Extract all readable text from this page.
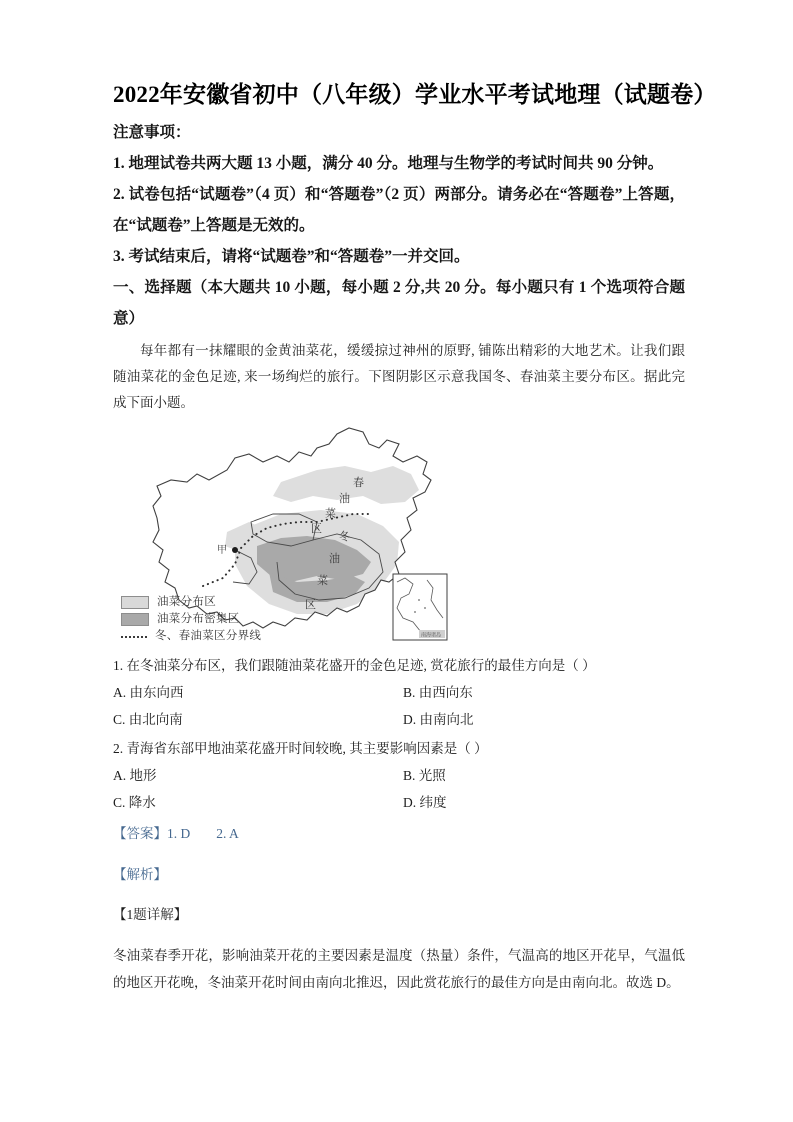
2022年安徽省初中（八年级）学业水平考试地理（试题卷）

注意事项：

1. 地理试卷共两大题 13 小题，满分 40 分。地理与生物学的考试时间共 90 分钟。

2. 试卷包括“试题卷”（4 页）和“答题卷”（2 页）两部分。请务必在“答题卷”上答题，在“试题卷”上答题是无效的。

3. 考试结束后，请将“试题卷”和“答题卷”一并交回。

一、选择题（本大题共 10 小题，每小题 2 分,共 20 分。每小题只有 1 个选项符合题意）

每年都有一抹耀眼的金黄油菜花，缓缓掠过神州的原野, 铺陈出精彩的大地艺术。让我们跟随油菜花的金色足迹, 来一场绚烂的旅行。下图阴影区示意我国冬、春油菜主要分布区。据此完成下面小题。

甲
春
油
菜
区
冬
油
菜
区
南海诸岛
油菜分布区
油菜分布密集区
冬、春油菜区分界线

1. 在冬油菜分布区，我们跟随油菜花盛开的金色足迹, 赏花旅行的最佳方向是（ ）

A. 由东向西	B. 由西向东
C. 由北向南	D. 由南向北

2. 青海省东部甲地油菜花盛开时间较晚, 其主要影响因素是（ ）

A. 地形	B. 光照
C. 降水	D. 纬度

【答案】1. D 2. A

【解析】

【1题详解】

冬油菜春季开花，影响油菜开花的主要因素是温度（热量）条件，气温高的地区开花早，气温低的地区开花晚，冬油菜开花时间由南向北推迟，因此赏花旅行的最佳方向是由南向北。故选 D。
